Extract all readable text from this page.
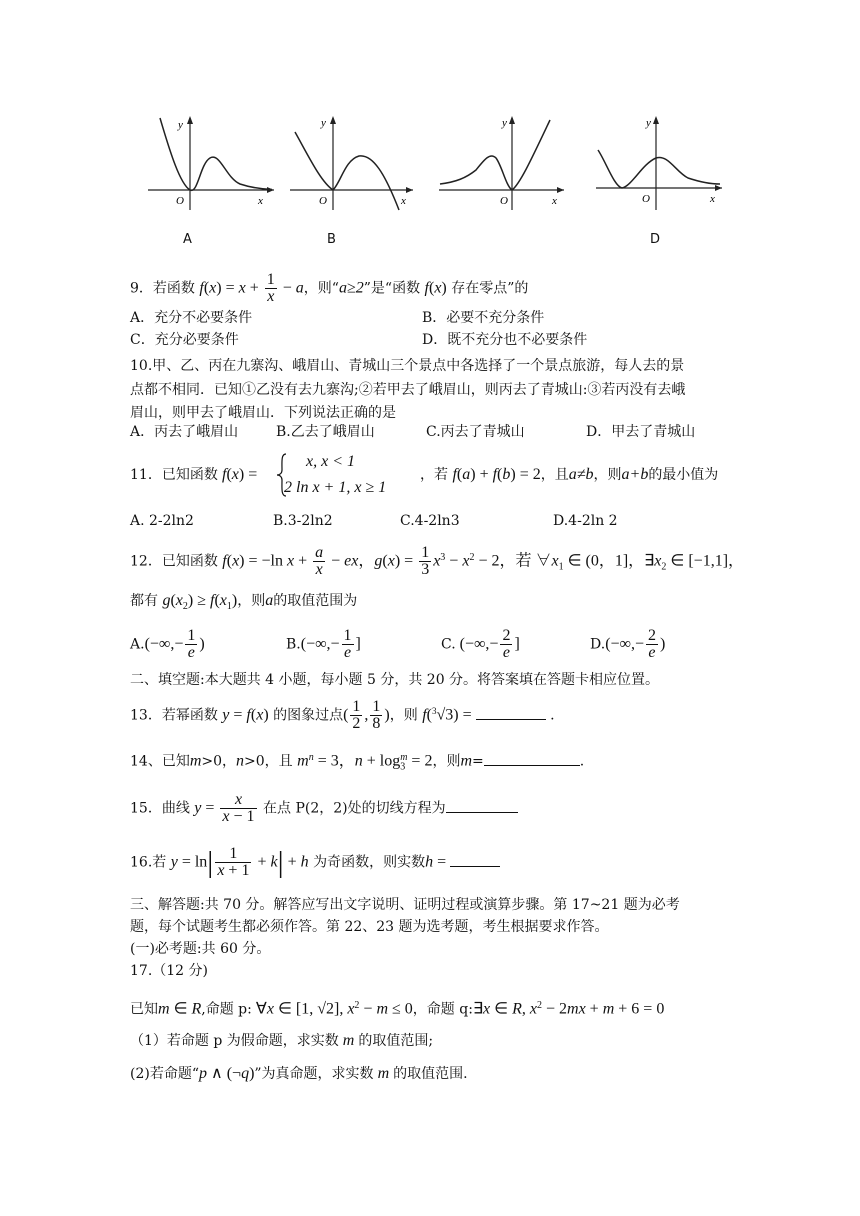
y
x
O
A
y
x
O
B
y
x
O
y
x
O
D
9．若函数 $f(x) = x + \frac{1}{x} - a$，则“a≥2”是“函数 f(x) 存在零点”的
A．充分不必要条件	B．必要不充分条件
C．充分必要条件	D．既不充分也不必要条件
10.甲、乙、丙在九寨沟、峨眉山、青城山三个景点中各选择了一个景点旅游，每人去的景
点都不相同．已知①乙没有去九寨沟;②若甲去了峨眉山，则丙去了青城山:③若丙没有去峨
眉山，则甲去了峨眉山．下列说法正确的是
A．丙去了峨眉山	B.乙去了峨眉山	C.丙去了青城山	D．甲去了青城山
11．已知函数 f(x) =
x, x < 1
2 ln x + 1, x ≥ 1
，若 f(a) + f(b) = 2，且a≠b，则a+b的最小值为
A. 2-2ln2	B.3-2ln2	C.4-2ln3	D.4-2ln 2
12．已知函数 f(x) = −ln $x + \frac{a}{x}$ − ex，$g(x) = \frac{1}{3} x^3 - x^2 - 2$，若 $\forall x_1$ ∈ (0，1]，$\exists x_2$ ∈ [−1,1]，
都有 $g(x_2) \ge f(x_1)$，则a的取值范围为
$A.(-\infty,- \frac{1}{e}$ )	$B.(-\infty,- \frac{1}{e}$ ]	C. (−∞,− $\frac{2}{e}$ ]	$D.(-\infty,- \frac{2}{e}$ )
二、填空题:本大题共 4 小题，每小题 5 分，共 20 分。将答案填在答题卡相应位置。
13．若幂函数 y = f(x) 的图象过点( $\frac{1}{2}$ , $\frac{1}{8}$ )，则 f($^3$√3) =	.
14、已知m>0，n>0，且 $m^n = 3$，$n + \log_3^m = 2$，则m=	.
15．曲线 $y = \frac{x}{x - 1}$ 在点 P(2，2)处的切线方程为
16.若 $y = \ln| \frac{1}{x + 1} + k| + h$ 为奇函数，则实数h =
三、解答题:共 70 分。解答应写出文字说明、证明过程或演算步骤。第 17~21 题为必考
题，每个试题考生都必须作答。第 22、23 题为选考题，考生根据要求作答。
(一)必考题:共 60 分。
17.（12 分)
已知m ∈ R,命题 p: ∀x ∈ [1, √2], $x^2 - m \le 0$，命题 q:∃x ∈ R, $x^2 - 2mx + m + 6 = 0$
（1）若命题 p 为假命题，求实数 m 的取值范围;
(2)若命题“p ∧ (¬q)”为真命题，求实数 m 的取值范围.
